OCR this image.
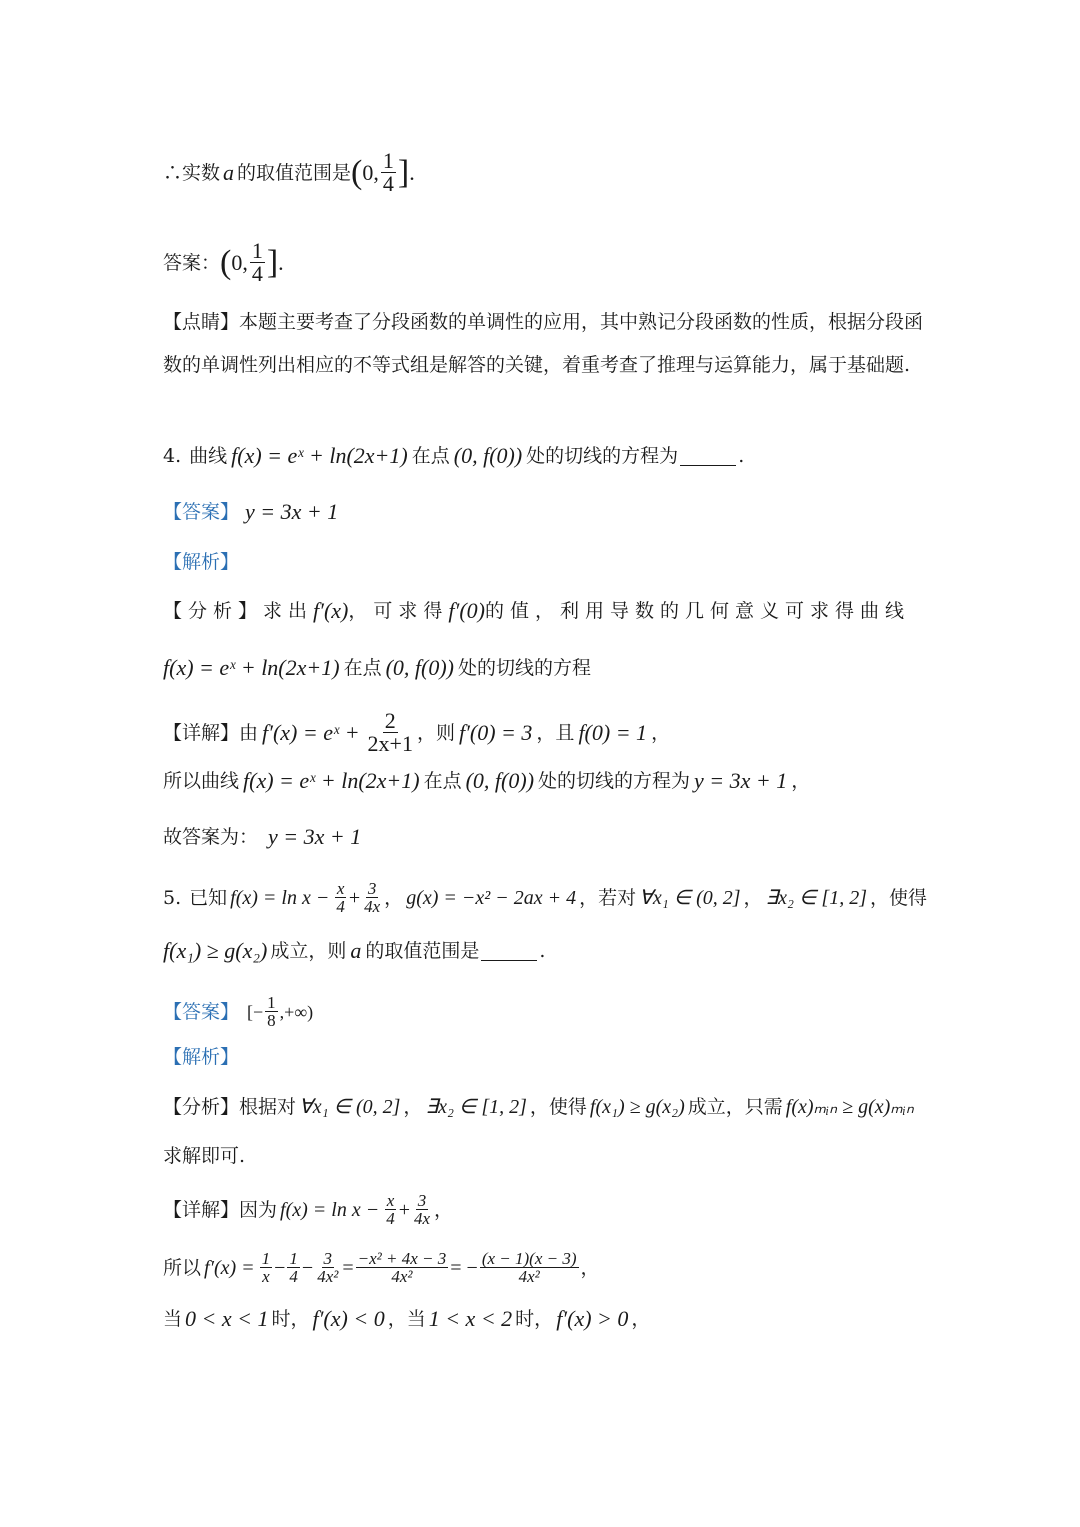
∴实数 a 的取值范围是 ( 0, $\frac{1}{4}$ ] .
答案： ( 0, $\frac{1}{4}$ ] .
【点睛】 本题主要考查了分段函数的单调性的应用，其中熟记分段函数的性质，根据分段函
数的单调性列出相应的不等式组是解答的关键，着重考查了推理与运算能力，属于基础题.
4. 曲线 f(x) = eˣ + ln(2x+1) 在点 (0, f(0)) 处的切线的方程为	.
【答案】 y = 3x + 1
【解析】
【分析】 求出 f′(x) ，可求得 f′(0) 的值，利用导数的几何意义可求得曲线
f(x) = eˣ + ln(2x+1) 在点 (0, f(0)) 处的切线的方程
【详解】 由 f′(x) = eˣ + $\frac{2}{2x+1}$ ，则 f′(0) = 3 ，且 f(0) = 1 ，
所以曲线 f(x) = eˣ + ln(2x+1) 在点 (0, f(0)) 处的切线的方程为 y = 3x + 1 ，
故答案为： y = 3x + 1
5. 已知 $f(x) = \ln x - \frac{x}{4} + \frac{3}{4x}$ ， g(x) = −x² − 2ax + 4 ，若对 ∀x₁ ∈ (0, 2] ， ∃x₂ ∈ [1, 2] ，使得
f(x₁) ≥ g(x₂) 成立，则 a 的取值范围是	.
【答案】 [− $\frac{1}{8}$ ,+∞)
【解析】
【分析】 根据对 ∀x₁ ∈ (0, 2] ， ∃x₂ ∈ [1, 2] ，使得 f(x₁) ≥ g(x₂) 成立，只需 f(x)ₘᵢₙ ≥ g(x)ₘᵢₙ
求解即可.
【详解】 因为 $f(x) = \ln x - \frac{x}{4} + \frac{3}{4x}$ ，
所以 $f'(x) = \frac{1}{x} - \frac{1}{4} - \frac{3}{\text{4x²}} = \frac{\text{−x² + 4x − 3}}{\text{4x²}}$ = − $\frac{(x - 1)(x - 3)}{\text{4x²}}$ ，
当 0 < x < 1 时， f′(x) < 0 ，当 1 < x < 2 时， f′(x) > 0 ，
